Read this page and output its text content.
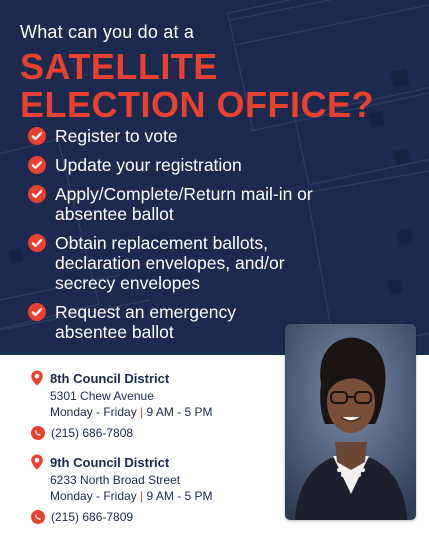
What can you do at a
SATELLITE
ELECTION OFFICE?
Register to vote
Update your registration
Apply/Complete/Return mail-in or
absentee ballot
Obtain replacement ballots,
declaration envelopes, and/or
secrecy envelopes
Request an emergency
absentee ballot
8th Council District
5301 Chew Avenue
Monday - Friday | 9 AM - 5 PM
(215) 686-7808
9th Council District
6233 North Broad Street
Monday - Friday | 9 AM - 5 PM
(215) 686-7809
